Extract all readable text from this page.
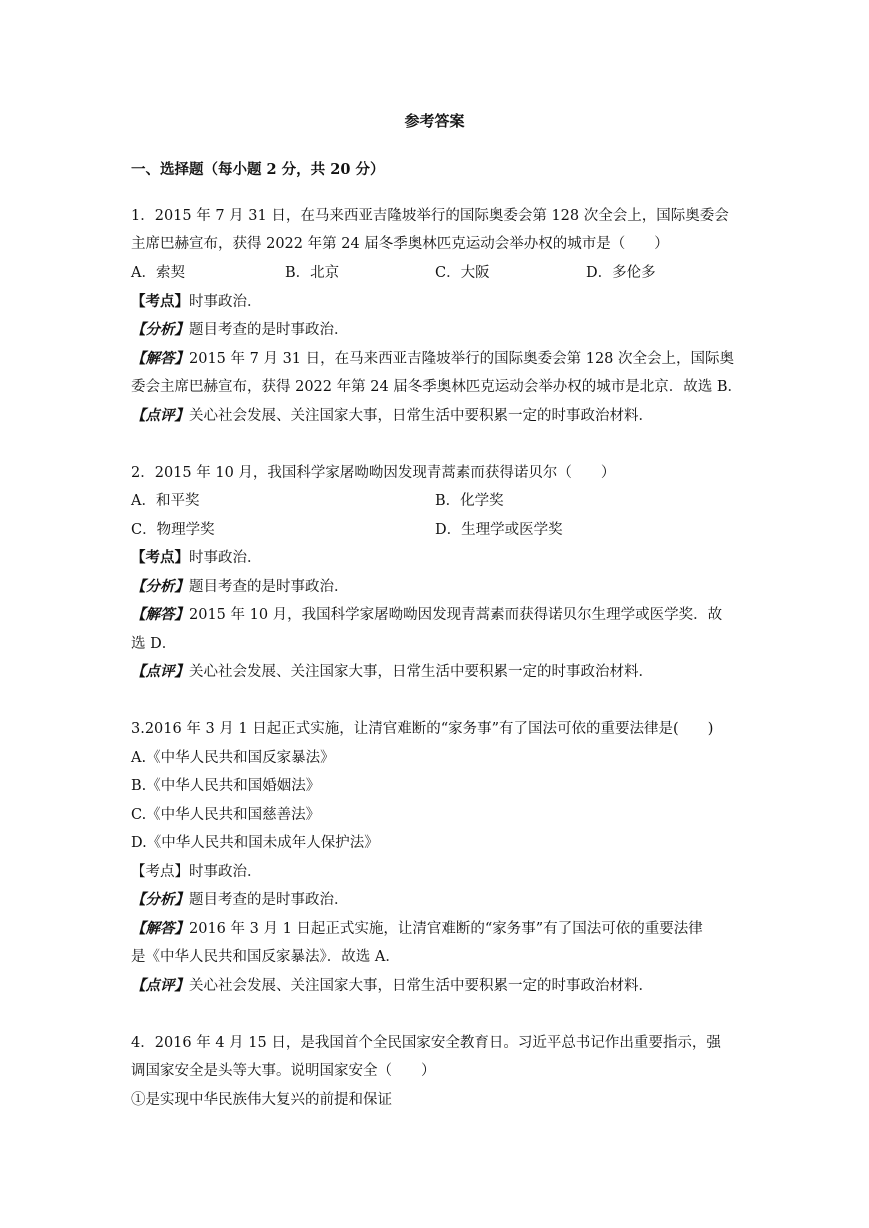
参考答案
一、选择题（每小题 2 分，共 20 分）
1．2015 年 7 月 31 日，在马来西亚吉隆坡举行的国际奥委会第 128 次全会上，国际奥委会
主席巴赫宣布，获得 2022 年第 24 届冬季奥林匹克运动会举办权的城市是（　　）
A．索契	B．北京	C．大阪	D．多伦多
【考点】时事政治．
【分析】题目考查的是时事政治．
【解答】2015 年 7 月 31 日，在马来西亚吉隆坡举行的国际奥委会第 128 次全会上，国际奥
委会主席巴赫宣布，获得 2022 年第 24 届冬季奥林匹克运动会举办权的城市是北京．故选 B．
【点评】关心社会发展、关注国家大事，日常生活中要积累一定的时事政治材料．
2．2015 年 10 月，我国科学家屠呦呦因发现青蒿素而获得诺贝尔（　　）
A．和平奖	B．化学奖
C．物理学奖	D．生理学或医学奖
【考点】时事政治．
【分析】题目考查的是时事政治．
【解答】2015 年 10 月，我国科学家屠呦呦因发现青蒿素而获得诺贝尔生理学或医学奖．故
选 D．
【点评】关心社会发展、关注国家大事，日常生活中要积累一定的时事政治材料．
3.2016 年 3 月 1 日起正式实施，让清官难断的“家务事”有了国法可依的重要法律是(　　)
A.《中华人民共和国反家暴法》
B.《中华人民共和国婚姻法》
C.《中华人民共和国慈善法》
D.《中华人民共和国未成年人保护法》
【考点】时事政治．
【分析】题目考查的是时事政治．
【解答】2016 年 3 月 1 日起正式实施，让清官难断的“家务事”有了国法可依的重要法律
是《中华人民共和国反家暴法》．故选 A．
【点评】关心社会发展、关注国家大事，日常生活中要积累一定的时事政治材料．
4．2016 年 4 月 15 日，是我国首个全民国家安全教育日。习近平总书记作出重要指示，强
调国家安全是头等大事。说明国家安全（　　）
①是实现中华民族伟大复兴的前提和保证
